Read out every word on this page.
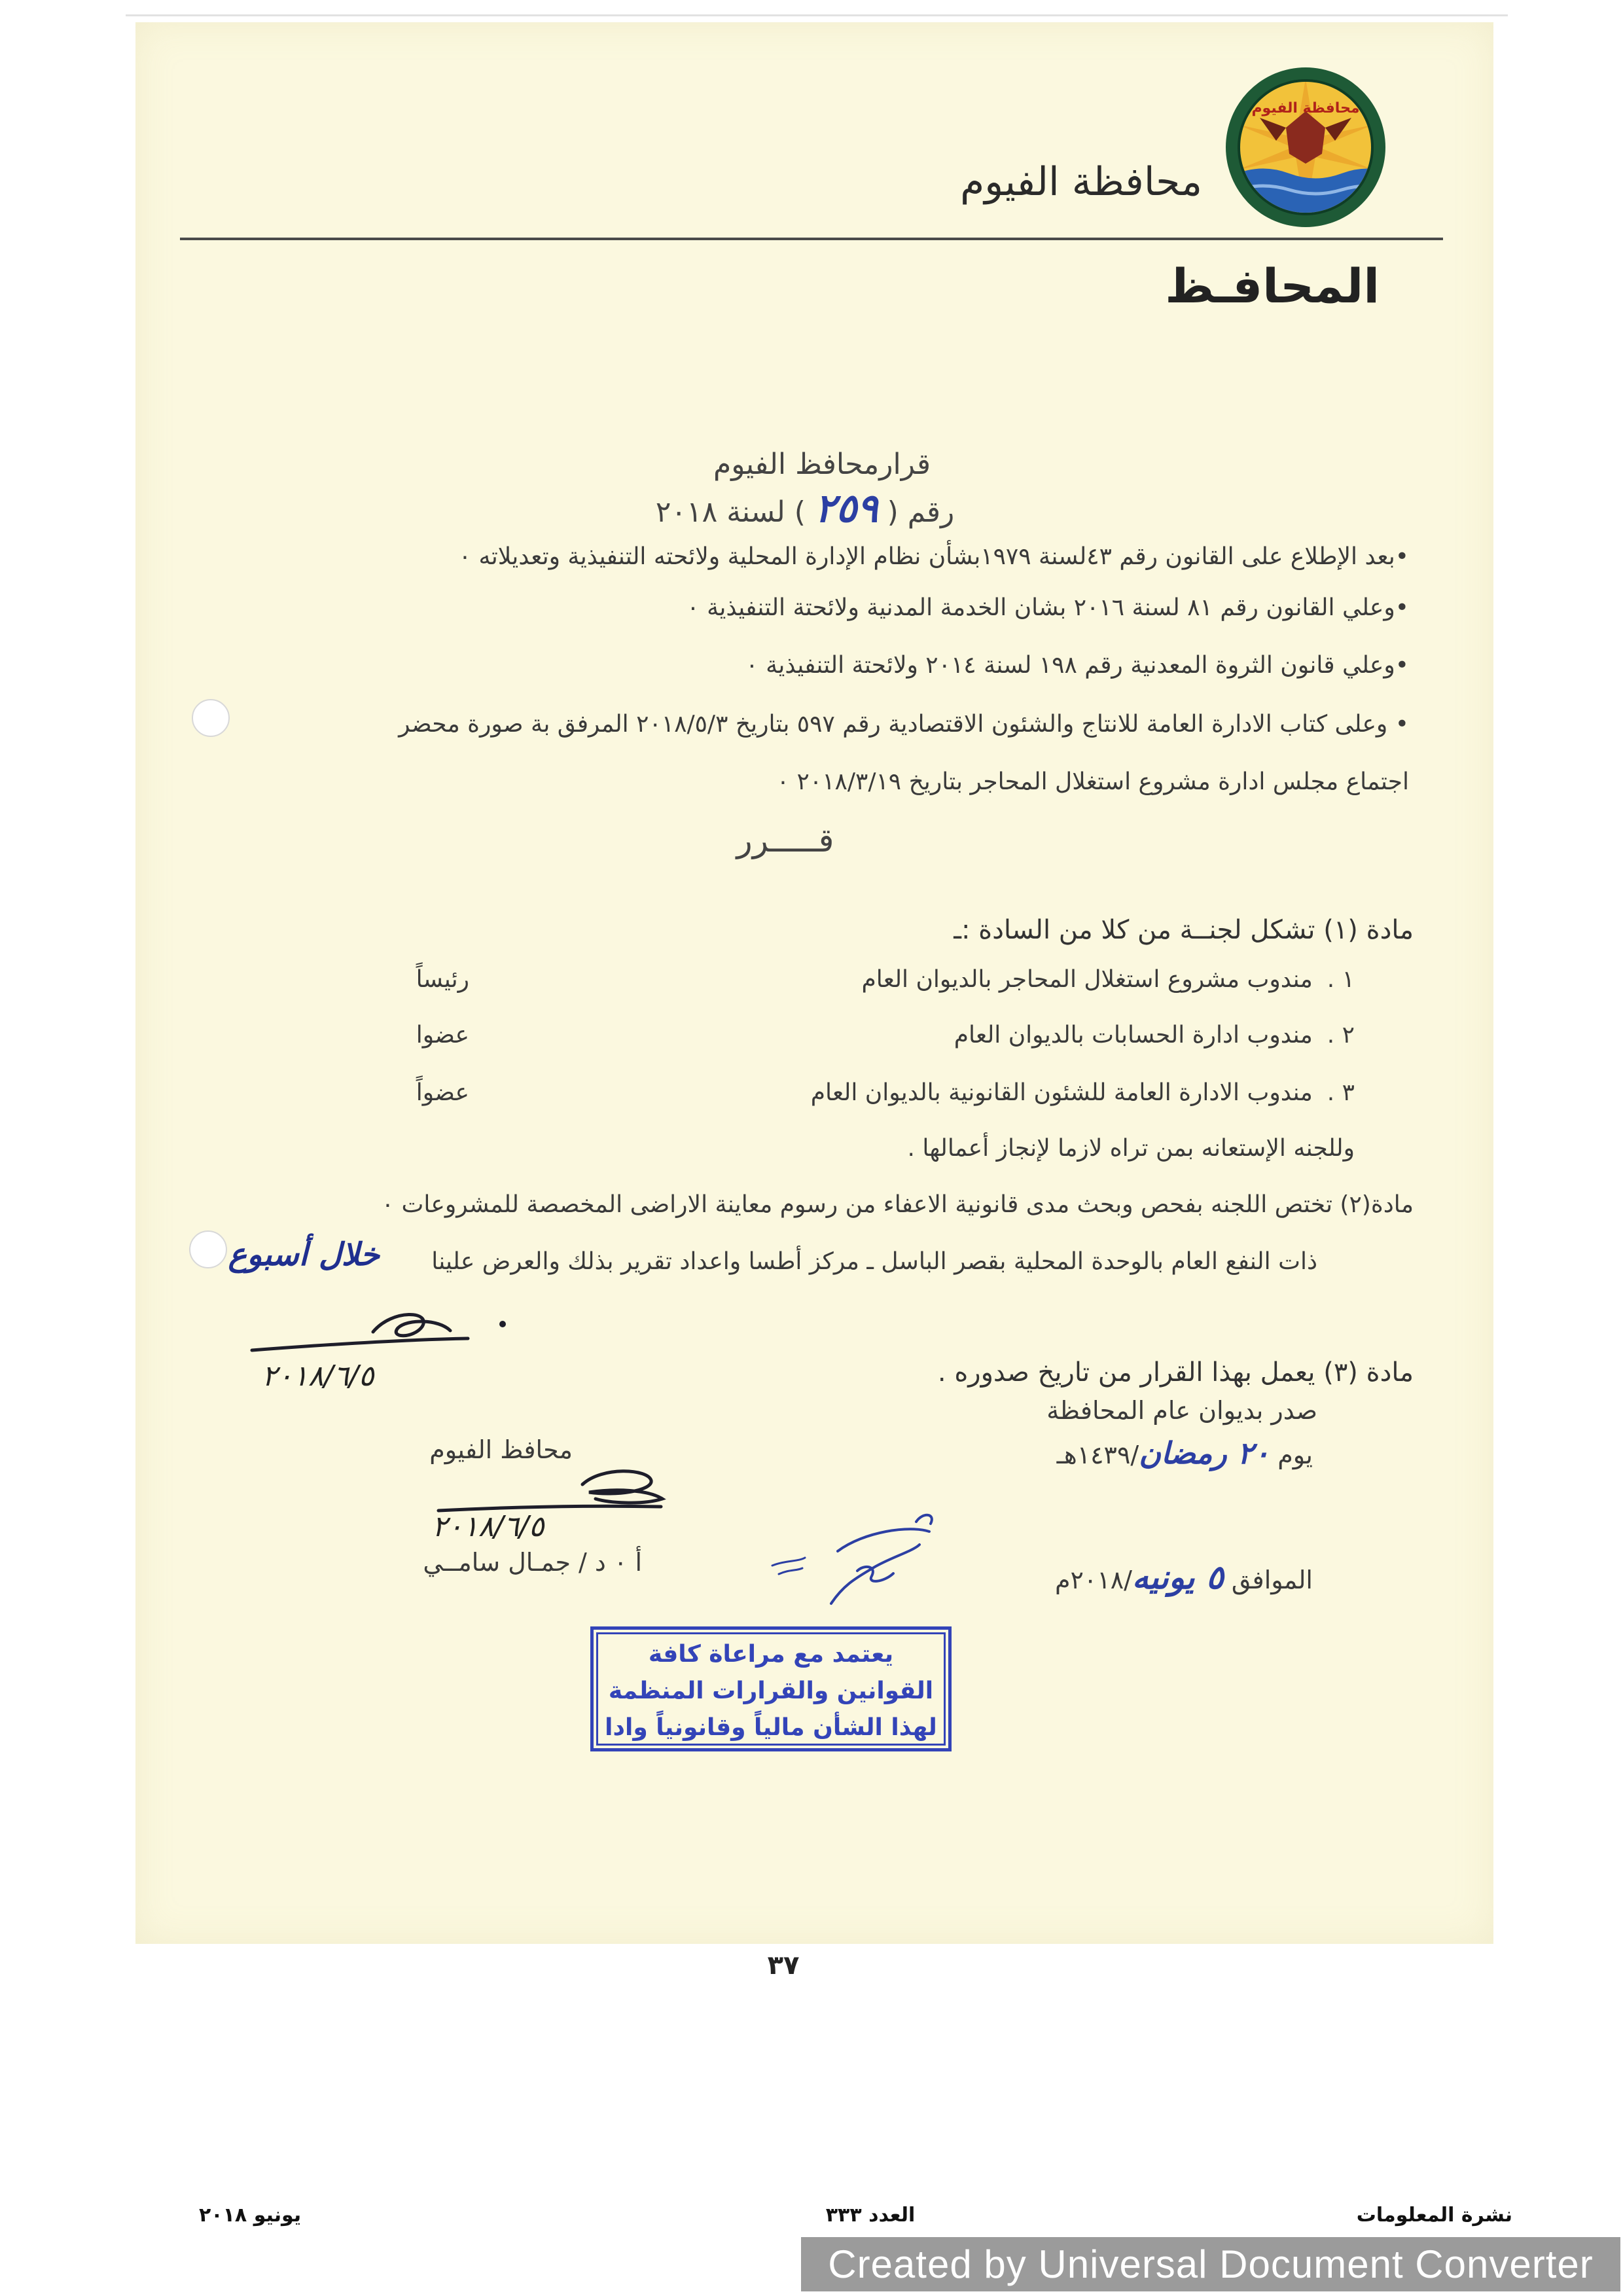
محافظة الفيوم
محافظة الفيوم
المحافـظ
قرارمحافظ الفيوم
رقم (٢٥٩) لسنة ٢٠١٨
•بعد الإطلاع على القانون رقم ٤٣لسنة ١٩٧٩بشأن نظام الإدارة المحلية ولائحته التنفيذية وتعديلاته ٠
•وعلي القانون رقم ٨١ لسنة ٢٠١٦ بشان الخدمة المدنية ولائحتة التنفيذية ٠
•وعلي قانون الثروة المعدنية رقم ١٩٨ لسنة ٢٠١٤ ولائحتة التنفيذية ٠
• وعلى كتاب الادارة العامة للانتاج والشئون الاقتصادية رقم ٥٩٧ بتاريخ ٢٠١٨/٥/٣ المرفق بة صورة محضر
اجتماع مجلس ادارة مشروع استغلال المحاجر بتاريخ ٢٠١٨/٣/١٩ ٠
قـــــرر
مادة (١) تشكل لجنــة من كلا من السادة :ـ
١ .مندوب مشروع استغلال المحاجر بالديوان العام
رئيساً
٢ .مندوب ادارة الحسابات بالديوان العام
عضوا
٣ .مندوب الادارة العامة للشئون القانونية بالديوان العام
عضواً
وللجنه الإستعانه بمن تراه لازما لإنجاز أعمالها .
مادة(٢) تختص اللجنه بفحص وبحث مدى قانونية الاعفاء من رسوم معاينة الاراضى المخصصة للمشروعات ٠
ذات النفع العام بالوحدة المحلية بقصر الباسل ـ مركز أطسا واعداد تقرير بذلك والعرض علينا
خلال أسبوع
٢٠١٨/٦/٥	مادة (٣) يعمل بهذا القرار من تاريخ صدوره .
صدر بديوان عام المحافظة
يوم ٢٠ رمضان/١٤٣٩هـ
الموافق ٥ يونيه/٢٠١٨م
محافظ الفيوم
٢٠١٨/٦/٥
أ ٠ د / جمـال سامــي
يعتمد مع مراعاة كافة
القوانين والقرارات المنظمة
لهذا الشأن مالياً وقانونياً وادا
٣٧
نشرة المعلومات
العدد ٣٣٣
يونيو ٢٠١٨
Created by Universal Document Converter
